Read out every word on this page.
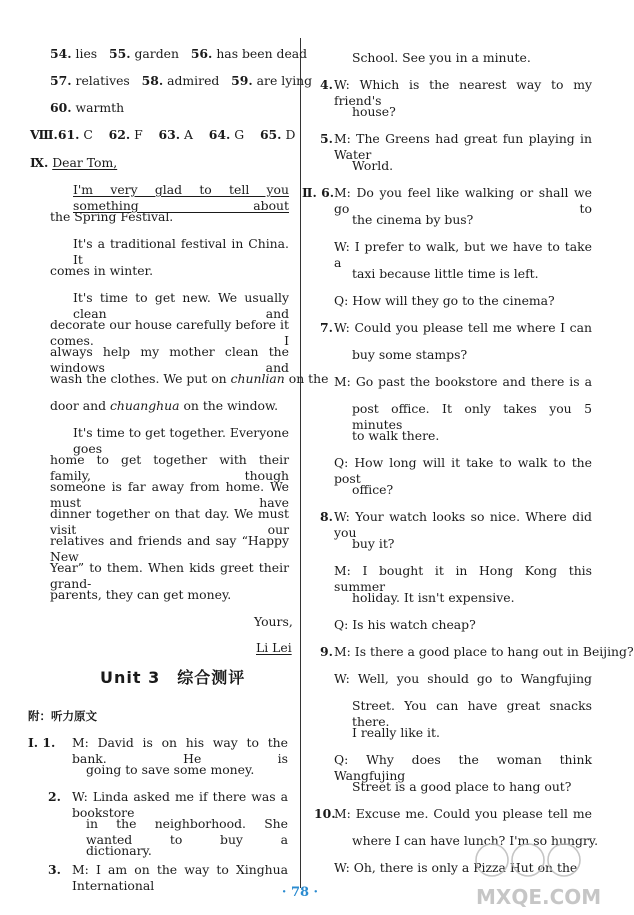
54. lies 55. garden 56. has been dead
57. relatives 58. admired 59. are lying
60. warmth
Ⅷ.61. C 62. F 63. A 64. G 65. D
Ⅸ. Dear Tom,
I'm very glad to tell you something about
the Spring Festival.
It's a traditional festival in China. It
comes in winter.
It's time to get new. We usually clean and
decorate our house carefully before it comes. I
always help my mother clean the windows and
wash the clothes. We put on chunlian on the
door and chuanghua on the window.
It's time to get together. Everyone goes
home to get together with their family, though
someone is far away from home. We must have
dinner together on that day. We must visit our
relatives and friends and say “Happy New
Year” to them. When kids greet their grand-
parents, they can get money.
Yours,
Li Lei
Unit 3　综合测评
附：听力原文
Ⅰ. 1. M: David is on his way to the bank. He is
going to save some money.
2. W: Linda asked me if there was a bookstore
in the neighborhood. She wanted to buy a
dictionary.
3. M: I am on the way to Xinghua International
School. See you in a minute.
4. W: Which is the nearest way to my friend's
house?
5. M: The Greens had great fun playing in Water
World.
Ⅱ. 6. M: Do you feel like walking or shall we go to
the cinema by bus?
W: I prefer to walk, but we have to take a
taxi because little time is left.
Q: How will they go to the cinema?
7. W: Could you please tell me where I can
buy some stamps?
M: Go past the bookstore and there is a
post office. It only takes you 5 minutes
to walk there.
Q: How long will it take to walk to the post
office?
8. W: Your watch looks so nice. Where did you
buy it?
M: I bought it in Hong Kong this summer
holiday. It isn't expensive.
Q: Is his watch cheap?
9. M: Is there a good place to hang out in Beijing?
W: Well, you should go to Wangfujing
Street. You can have great snacks there.
I really like it.
Q: Why does the woman think Wangfujing
Street is a good place to hang out?
10.
M: Excuse me. Could you please tell me
where I can have lunch? I'm so hungry.
W: Oh, there is only a Pizza Hut on the
· 78 ·	MXQE.COM
